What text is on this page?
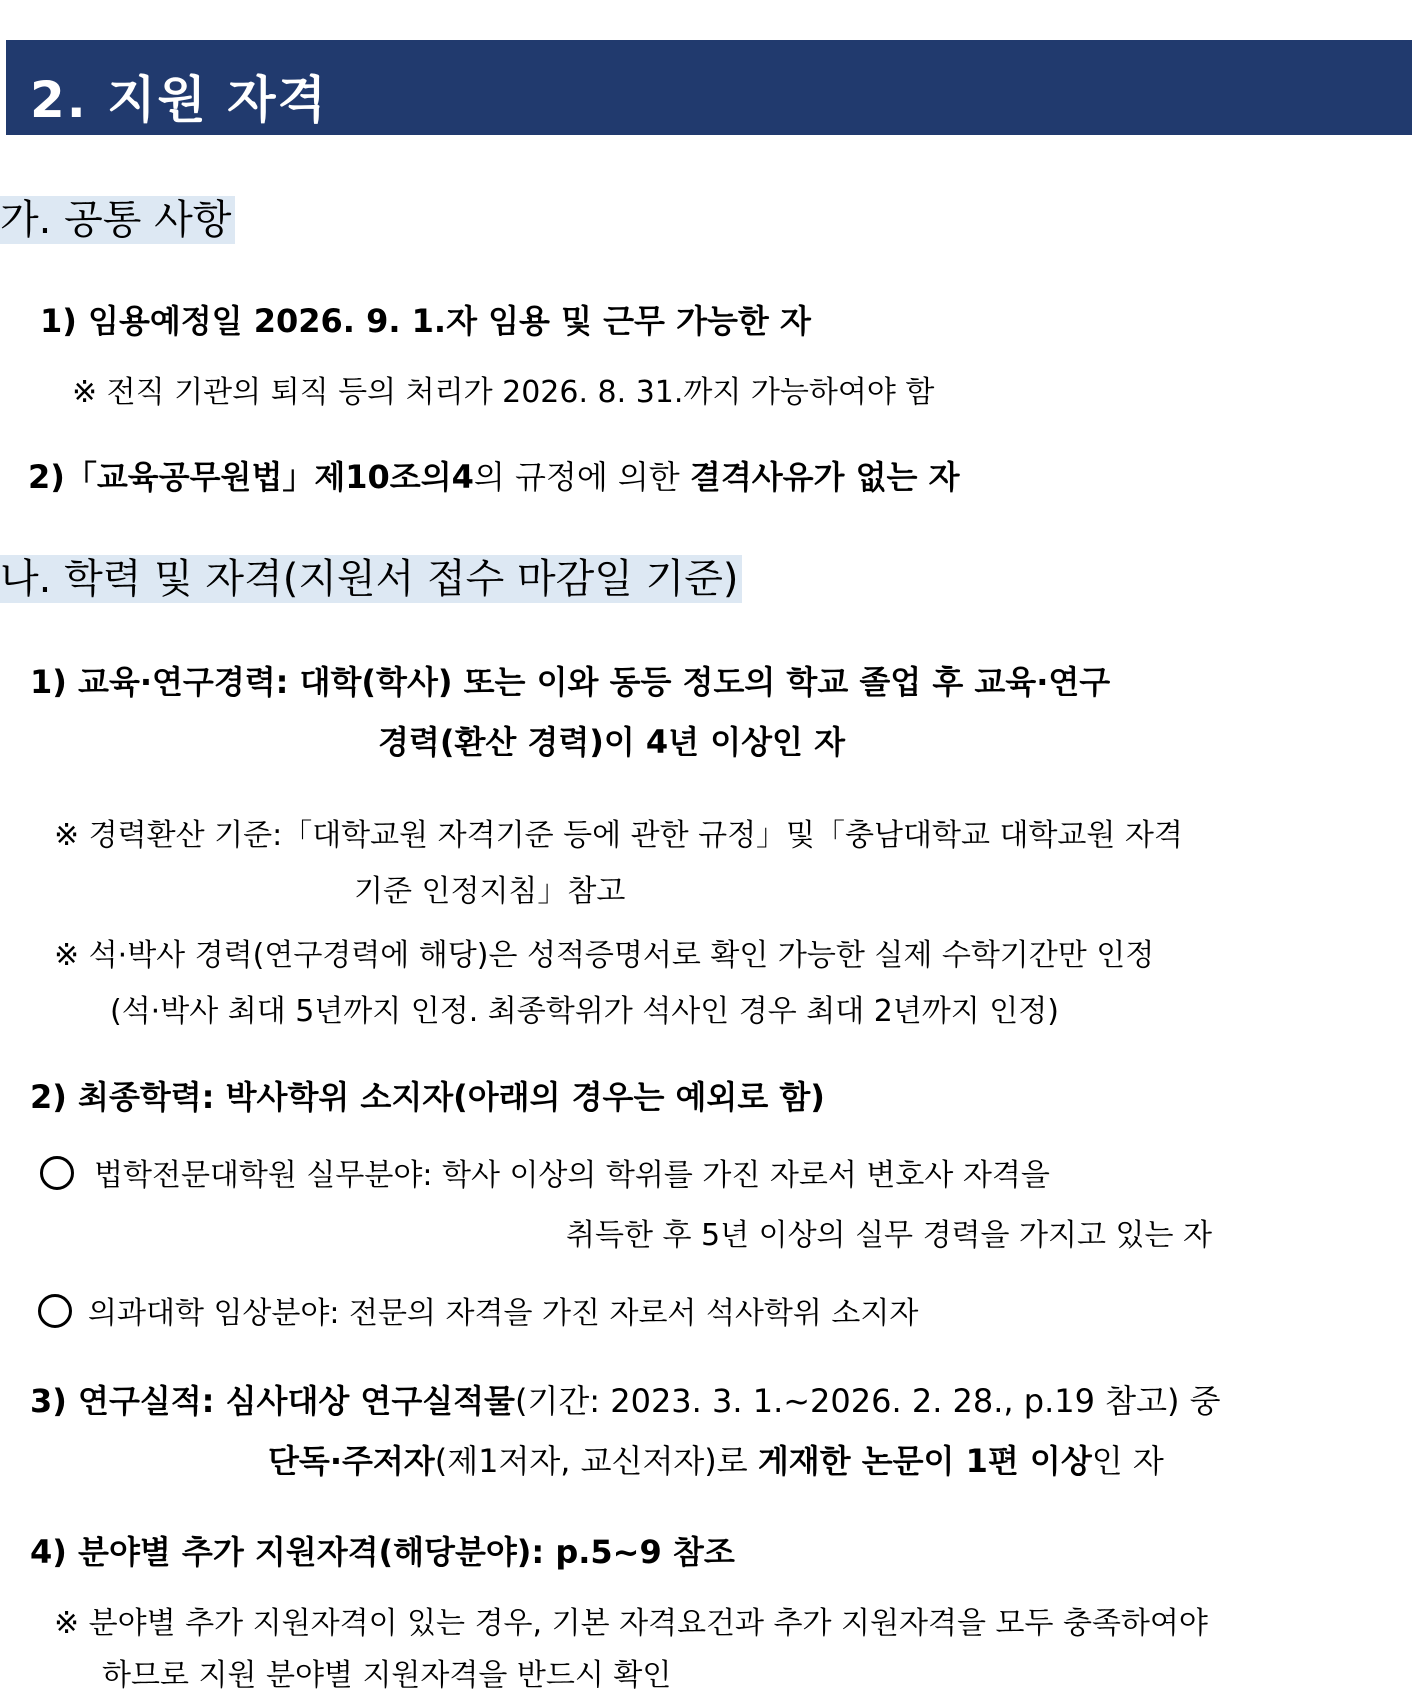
2. 지원 자격
가. 공통 사항
1) 임용예정일 2026. 9. 1.자 임용 및 근무 가능한 자
※ 전직 기관의 퇴직 등의 처리가 2026. 8. 31.까지 가능하여야 함
2)「교육공무원법」제10조의4의 규정에 의한 결격사유가 없는 자
나. 학력 및 자격(지원서 접수 마감일 기준)
1) 교육·연구경력: 대학(학사) 또는 이와 동등 정도의 학교 졸업 후 교육·연구
경력(환산 경력)이 4년 이상인 자
※ 경력환산 기준:「대학교원 자격기준 등에 관한 규정」및「충남대학교 대학교원 자격
기준 인정지침」참고
※ 석·박사 경력(연구경력에 해당)은 성적증명서로 확인 가능한 실제 수학기간만 인정
(석·박사 최대 5년까지 인정. 최종학위가 석사인 경우 최대 2년까지 인정)
2) 최종학력: 박사학위 소지자(아래의 경우는 예외로 함)
법학전문대학원 실무분야: 학사 이상의 학위를 가진 자로서 변호사 자격을
취득한 후 5년 이상의 실무 경력을 가지고 있는 자
의과대학 임상분야: 전문의 자격을 가진 자로서 석사학위 소지자
3) 연구실적: 심사대상 연구실적물(기간: 2023. 3. 1.~2026. 2. 28., p.19 참고) 중
단독·주저자(제1저자, 교신저자)로 게재한 논문이 1편 이상인 자
4) 분야별 추가 지원자격(해당분야): p.5~9 참조
※ 분야별 추가 지원자격이 있는 경우, 기본 자격요건과 추가 지원자격을 모두 충족하여야
하므로 지원 분야별 지원자격을 반드시 확인
